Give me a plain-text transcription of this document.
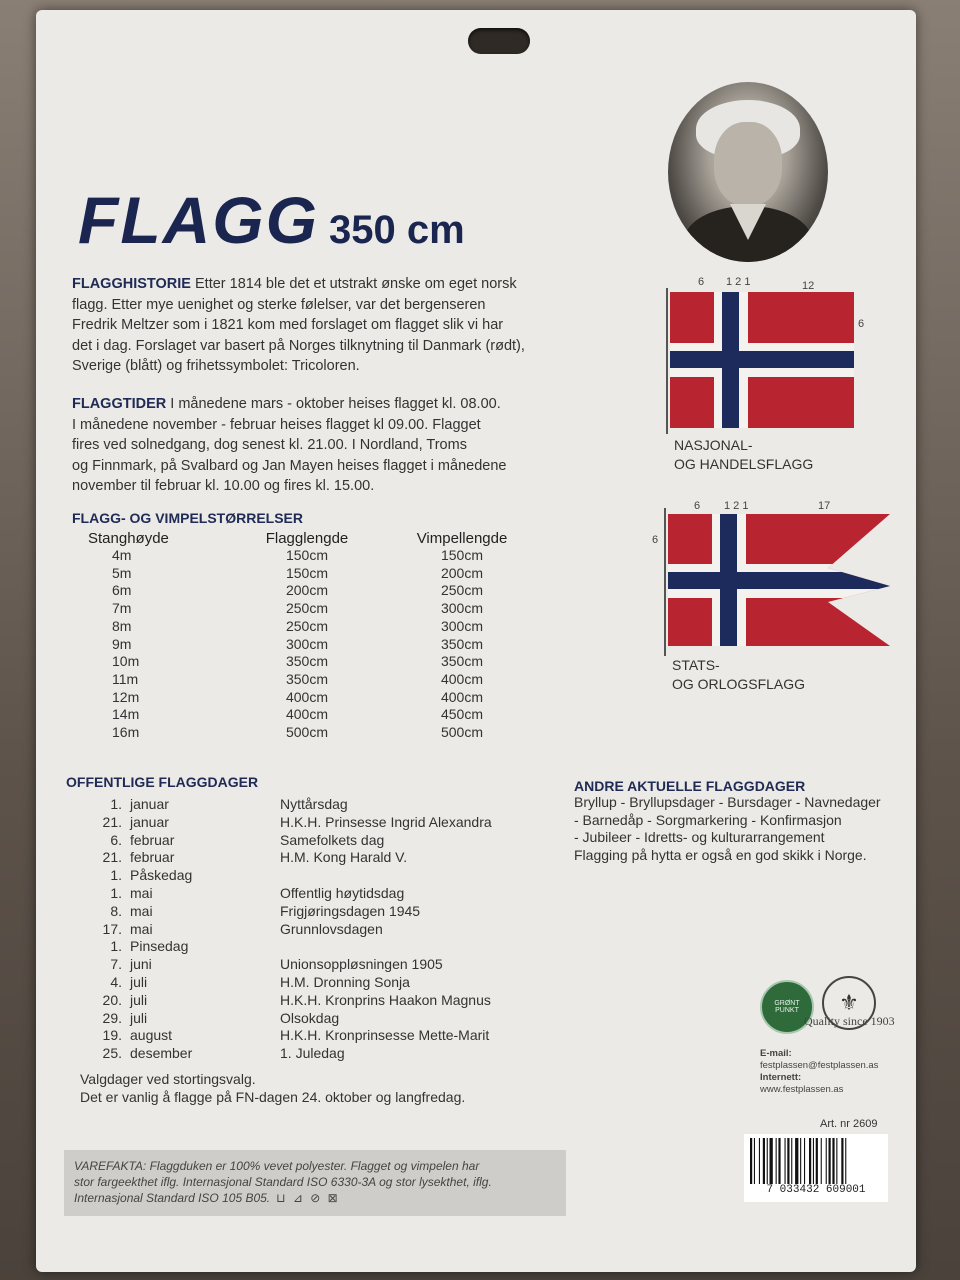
FLAGG 350 cm
FLAGGHISTORIE Etter 1814 ble det et utstrakt ønske om eget norsk
flagg. Etter mye uenighet og sterke følelser, var det bergenseren
Fredrik Meltzer som i 1821 kom med forslaget om flagget slik vi har
det i dag. Forslaget var basert på Norges tilknytning til Danmark (rødt),
Sverige (blått) og frihetssymbolet: Tricoloren.
FLAGGTIDER I månedene mars - oktober heises flagget kl. 08.00.
I månedene november - februar heises flagget kl 09.00. Flagget
fires ved solnedgang, dog senest kl. 21.00. I Nordland, Troms
og Finnmark, på Svalbard og Jan Mayen heises flagget i månedene
november til februar kl. 10.00 og fires kl. 15.00.
FLAGG- OG VIMPELSTØRRELSER
Stanghøyde	Flagglengde	Vimpellengde
4m	150cm	150cm
5m	150cm	200cm
6m	200cm	250cm
7m	250cm	300cm
8m	250cm	300cm
9m	300cm	350cm
10m	350cm	350cm
11m	350cm	400cm
12m	400cm	400cm
14m	400cm	450cm
16m	500cm	500cm
OFFENTLIGE FLAGGDAGER
1. januar	Nyttårsdag
21. januar	H.K.H. Prinsesse Ingrid Alexandra
6. februar	Samefolkets dag
21. februar	H.M. Kong Harald V.
1. Påskedag
1. mai	Offentlig høytidsdag
8. mai	Frigjøringsdagen 1945
17. mai	Grunnlovsdagen
1. Pinsedag
7. juni	Unionsoppløsningen 1905
4. juli	H.M. Dronning Sonja
20. juli	H.K.H. Kronprins Haakon Magnus
29. juli	Olsokdag
19. august	H.K.H. Kronprinsesse Mette-Marit
25. desember	1. Juledag
Valgdager ved stortingsvalg.
Det er vanlig å flagge på FN-dagen 24. oktober og langfredag.
VAREFAKTA: Flaggduken er 100% vevet polyester. Flagget og vimpelen har
stor fargeekthet iflg. Internasjonal Standard ISO 6330-3A og stor lysekthet, iflg.
Internasjonal Standard ISO 105 B05. ⊔ ⊿ ⊘ ⊠
6 1 2 1	12
6
NASJONAL-
OG HANDELSFLAGG
6 1 2 1	17
6
STATS-
OG ORLOGSFLAGG
ANDRE AKTUELLE FLAGGDAGER
Bryllup - Bryllupsdager - Bursdager - Navnedager
- Barnedåp - Sorgmarkering - Konfirmasjon
- Jubileer - Idretts- og kulturarrangement
Flagging på hytta er også en god skikk i Norge.
GRØNT PUNKT	⚜
Quality since 1903
E-mail:
festplassen@festplassen.as
Internett:
www.festplassen.as
Art. nr 2609
7 033432 609001
